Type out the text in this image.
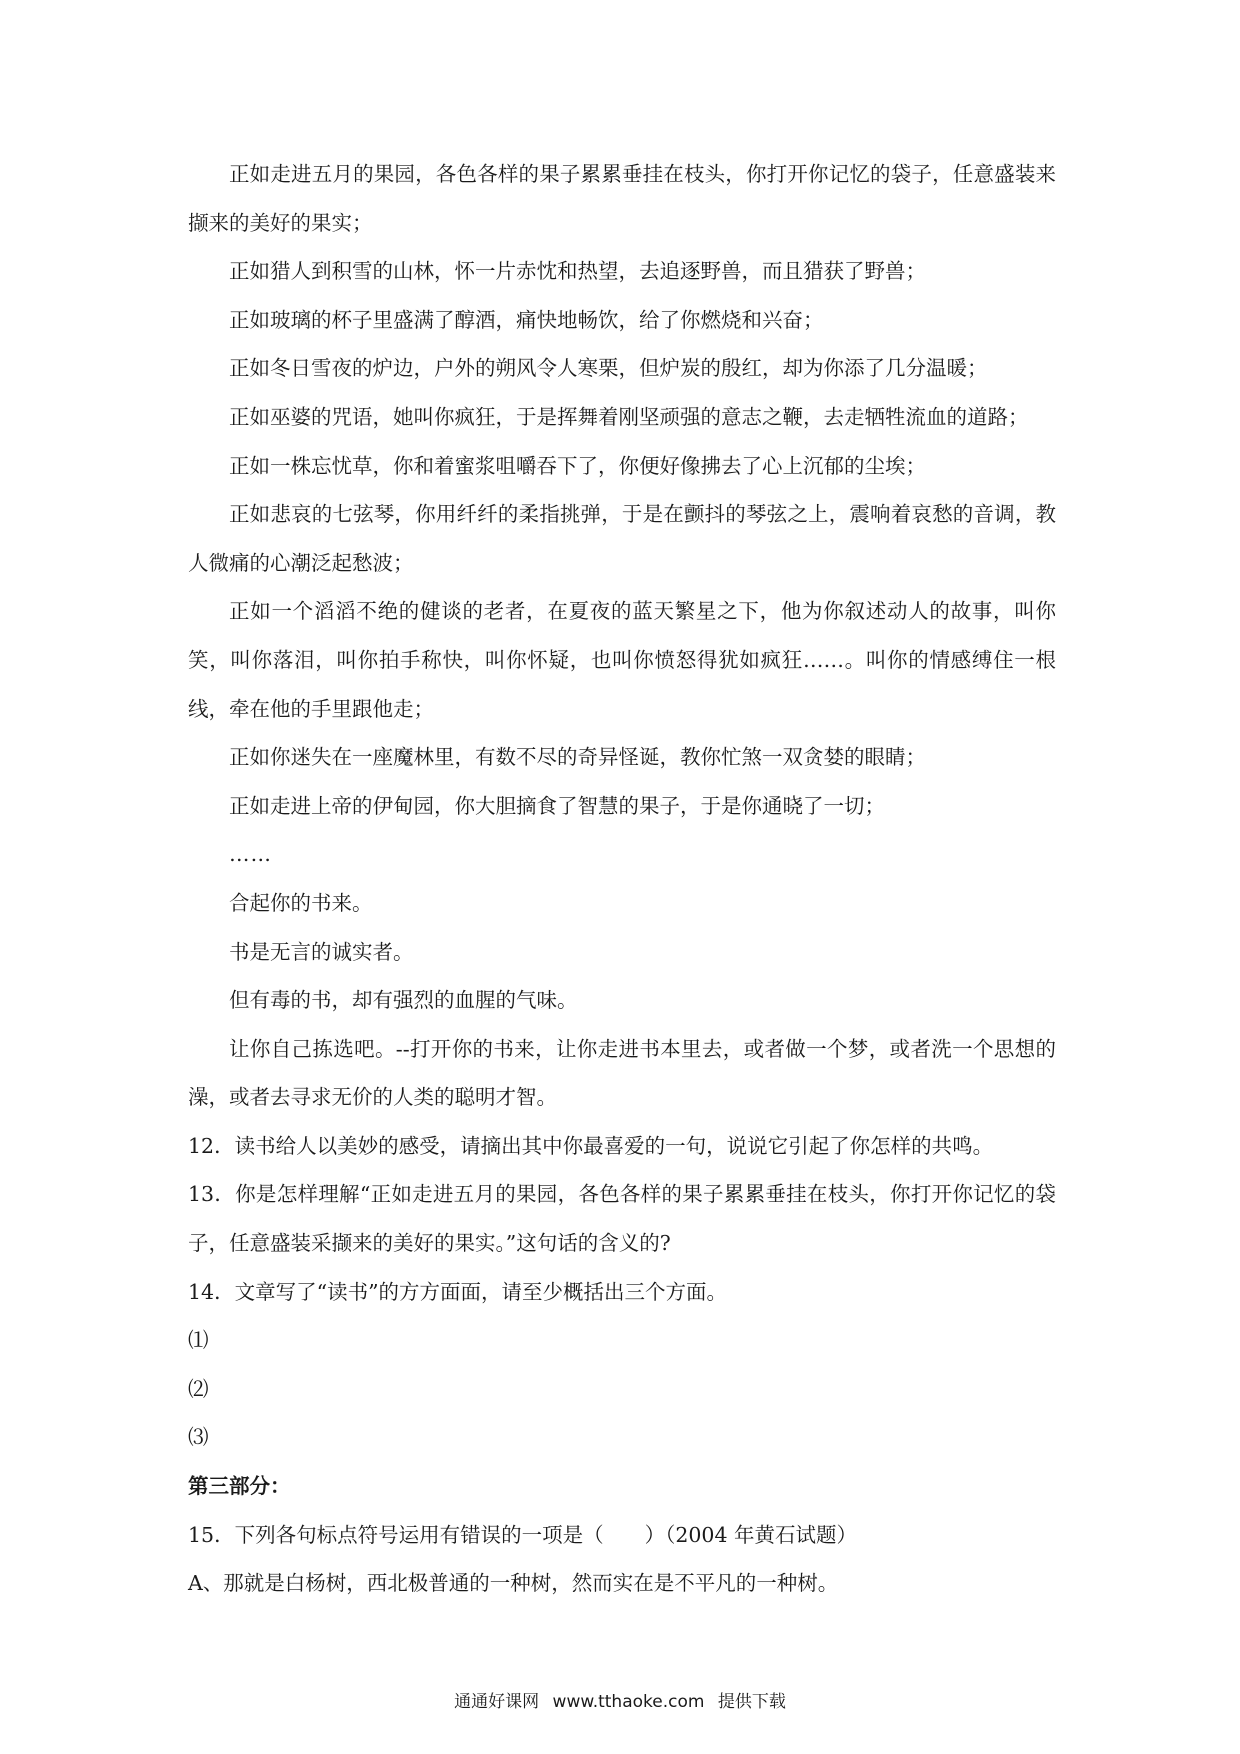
正如走进五月的果园，各色各样的果子累累垂挂在枝头，你打开你记忆的袋子，任意盛装来撷来的美好的果实；

正如猎人到积雪的山林，怀一片赤忱和热望，去追逐野兽，而且猎获了野兽；

正如玻璃的杯子里盛满了醇酒，痛快地畅饮，给了你燃烧和兴奋；

正如冬日雪夜的炉边，户外的朔风令人寒栗，但炉炭的殷红，却为你添了几分温暖；

正如巫婆的咒语，她叫你疯狂，于是挥舞着刚坚顽强的意志之鞭，去走牺牲流血的道路；

正如一株忘忧草，你和着蜜浆咀嚼吞下了，你便好像拂去了心上沉郁的尘埃；

正如悲哀的七弦琴，你用纤纤的柔指挑弹，于是在颤抖的琴弦之上，震响着哀愁的音调，教人微痛的心潮泛起愁波；

正如一个滔滔不绝的健谈的老者，在夏夜的蓝天繁星之下，他为你叙述动人的故事，叫你笑，叫你落泪，叫你拍手称快，叫你怀疑，也叫你愤怒得犹如疯狂……。叫你的情感缚住一根线，牵在他的手里跟他走；

正如你迷失在一座魔林里，有数不尽的奇异怪诞，教你忙煞一双贪婪的眼睛；

正如走进上帝的伊甸园，你大胆摘食了智慧的果子，于是你通晓了一切；

……

合起你的书来。

书是无言的诚实者。

但有毒的书，却有强烈的血腥的气味。

让你自己拣选吧。--打开你的书来，让你走进书本里去，或者做一个梦，或者洗一个思想的澡，或者去寻求无价的人类的聪明才智。

12．读书给人以美妙的感受，请摘出其中你最喜爱的一句，说说它引起了你怎样的共鸣。

13．你是怎样理解“正如走进五月的果园，各色各样的果子累累垂挂在枝头，你打开你记忆的袋子，任意盛装采撷来的美好的果实。”这句话的含义的?

14．文章写了“读书”的方方面面，请至少概括出三个方面。

⑴

⑵

⑶

第三部分：

15．下列各句标点符号运用有错误的一项是（　　）（2004 年黄石试题）

A、那就是白杨树，西北极普通的一种树，然而实在是不平凡的一种树。

通通好课网 www.tthaoke.com 提供下载
